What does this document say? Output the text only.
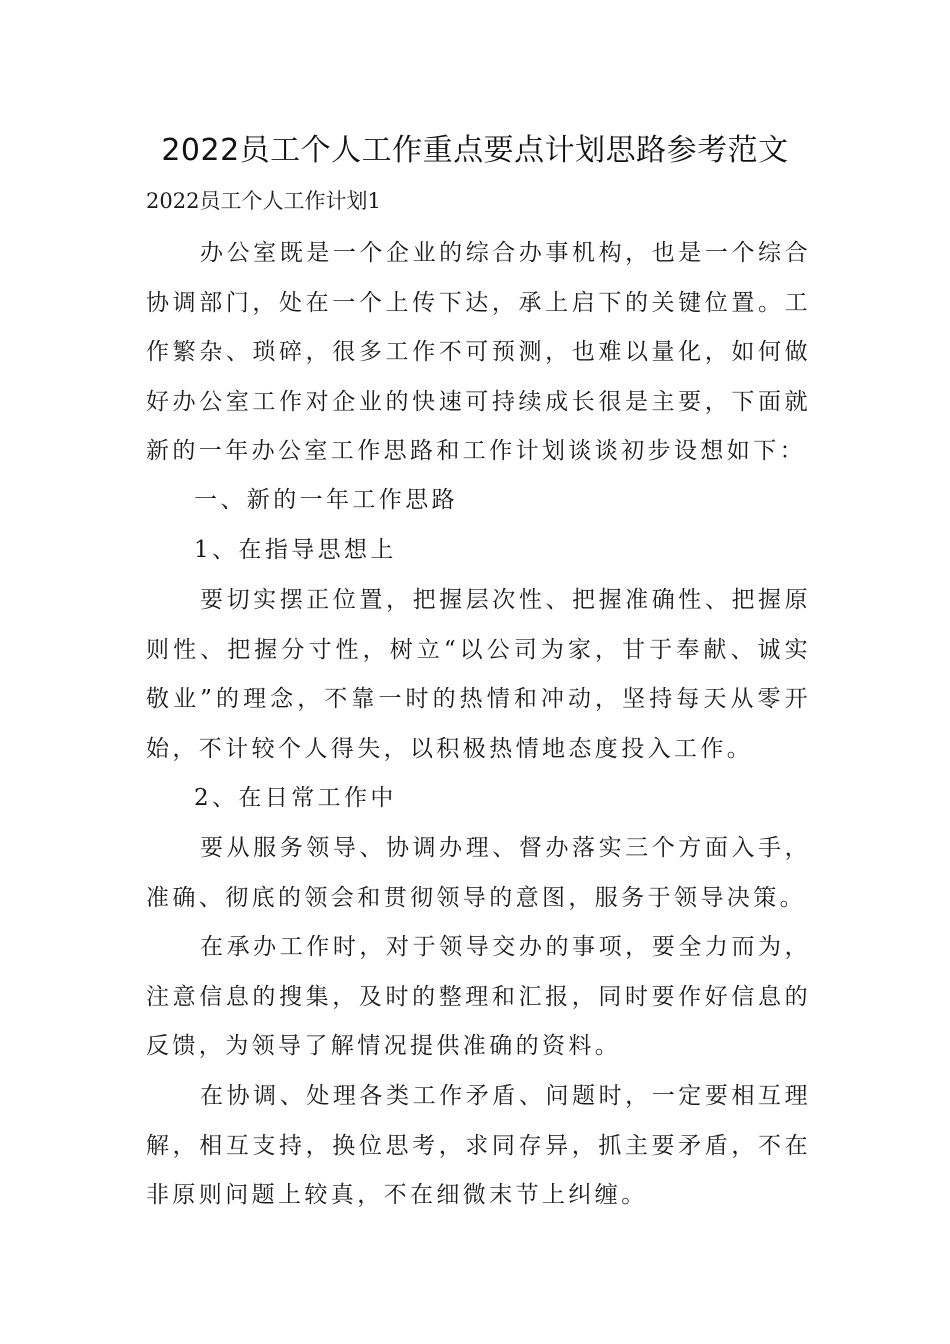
2022员工个人工作重点要点计划思路参考范文
2022员工个人工作计划1

办公室既是一个企业的综合办事机构，也是一个综合协调部门，处在一个上传下达，承上启下的关键位置。工作繁杂、琐碎，很多工作不可预测，也难以量化，如何做好办公室工作对企业的快速可持续成长很是主要，下面就新的一年办公室工作思路和工作计划谈谈初步设想如下：

一、新的一年工作思路
1、在指导思想上

要切实摆正位置，把握层次性、把握准确性、把握原则性、把握分寸性，树立“以公司为家，甘于奉献、诚实敬业”的理念，不靠一时的热情和冲动，坚持每天从零开始，不计较个人得失，以积极热情地态度投入工作。

2、在日常工作中

要从服务领导、协调办理、督办落实三个方面入手，准确、彻底的领会和贯彻领导的意图，服务于领导决策。

在承办工作时，对于领导交办的事项，要全力而为，注意信息的搜集，及时的整理和汇报，同时要作好信息的反馈，为领导了解情况提供准确的资料。

在协调、处理各类工作矛盾、问题时，一定要相互理解，相互支持，换位思考，求同存异，抓主要矛盾，不在非原则问题上较真，不在细微末节上纠缠。
